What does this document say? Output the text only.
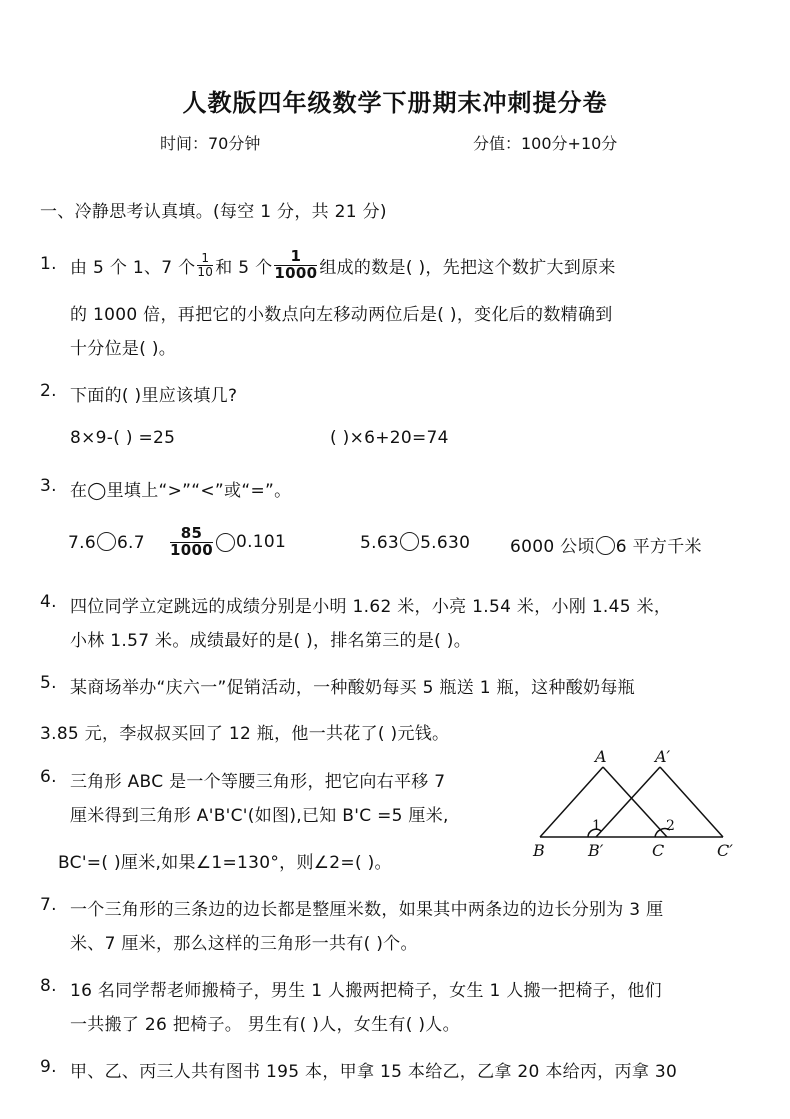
人教版四年级数学下册期末冲刺提分卷
时间：70分钟	分值：100分+10分
一、冷静思考认真填。(每空 1 分，共 21 分)
1. 由 5 个 1、7 个 $\frac{1}{10}$ 和 5 个 $\frac{1}{1000}$ 组成的数是( )，先把这个数扩大到原来
的 1000 倍，再把它的小数点向左移动两位后是( )，变化后的数精确到
十分位是( )。
2. 下面的( )里应该填几?
8×9-( ) =25	( )×6+20=74
3. 在◯里填上“>”“<”或“=”。
7.6 $6.7 \frac{85}{1000} 0.101$	5.63 5.630 6000 公顷 6 平方千米
4. 四位同学立定跳远的成绩分别是小明 1.62 米，小亮 1.54 米，小刚 1.45 米，
小林 1.57 米。成绩最好的是( )，排名第三的是( )。
5. 某商场举办“庆六一”促销活动，一种酸奶每买 5 瓶送 1 瓶，这种酸奶每瓶
3.85 元，李叔叔买回了 12 瓶，他一共花了( )元钱。
6. 三角形 ABC 是一个等腰三角形，把它向右平移 7
厘米得到三角形 A'B'C'(如图),已知 B'C =5 厘米,
BC'=( )厘米,如果∠1=130°，则∠2=( )。
A	A′
B	B′	C	C′
1	2
7. 一个三角形的三条边的边长都是整厘米数，如果其中两条边的边长分别为 3 厘
米、7 厘米，那么这样的三角形一共有( )个。
8. 16 名同学帮老师搬椅子，男生 1 人搬两把椅子，女生 1 人搬一把椅子，他们
一共搬了 26 把椅子。 男生有( )人，女生有( )人。
9. 甲、乙、丙三人共有图书 195 本，甲拿 15 本给乙，乙拿 20 本给丙，丙拿 30
